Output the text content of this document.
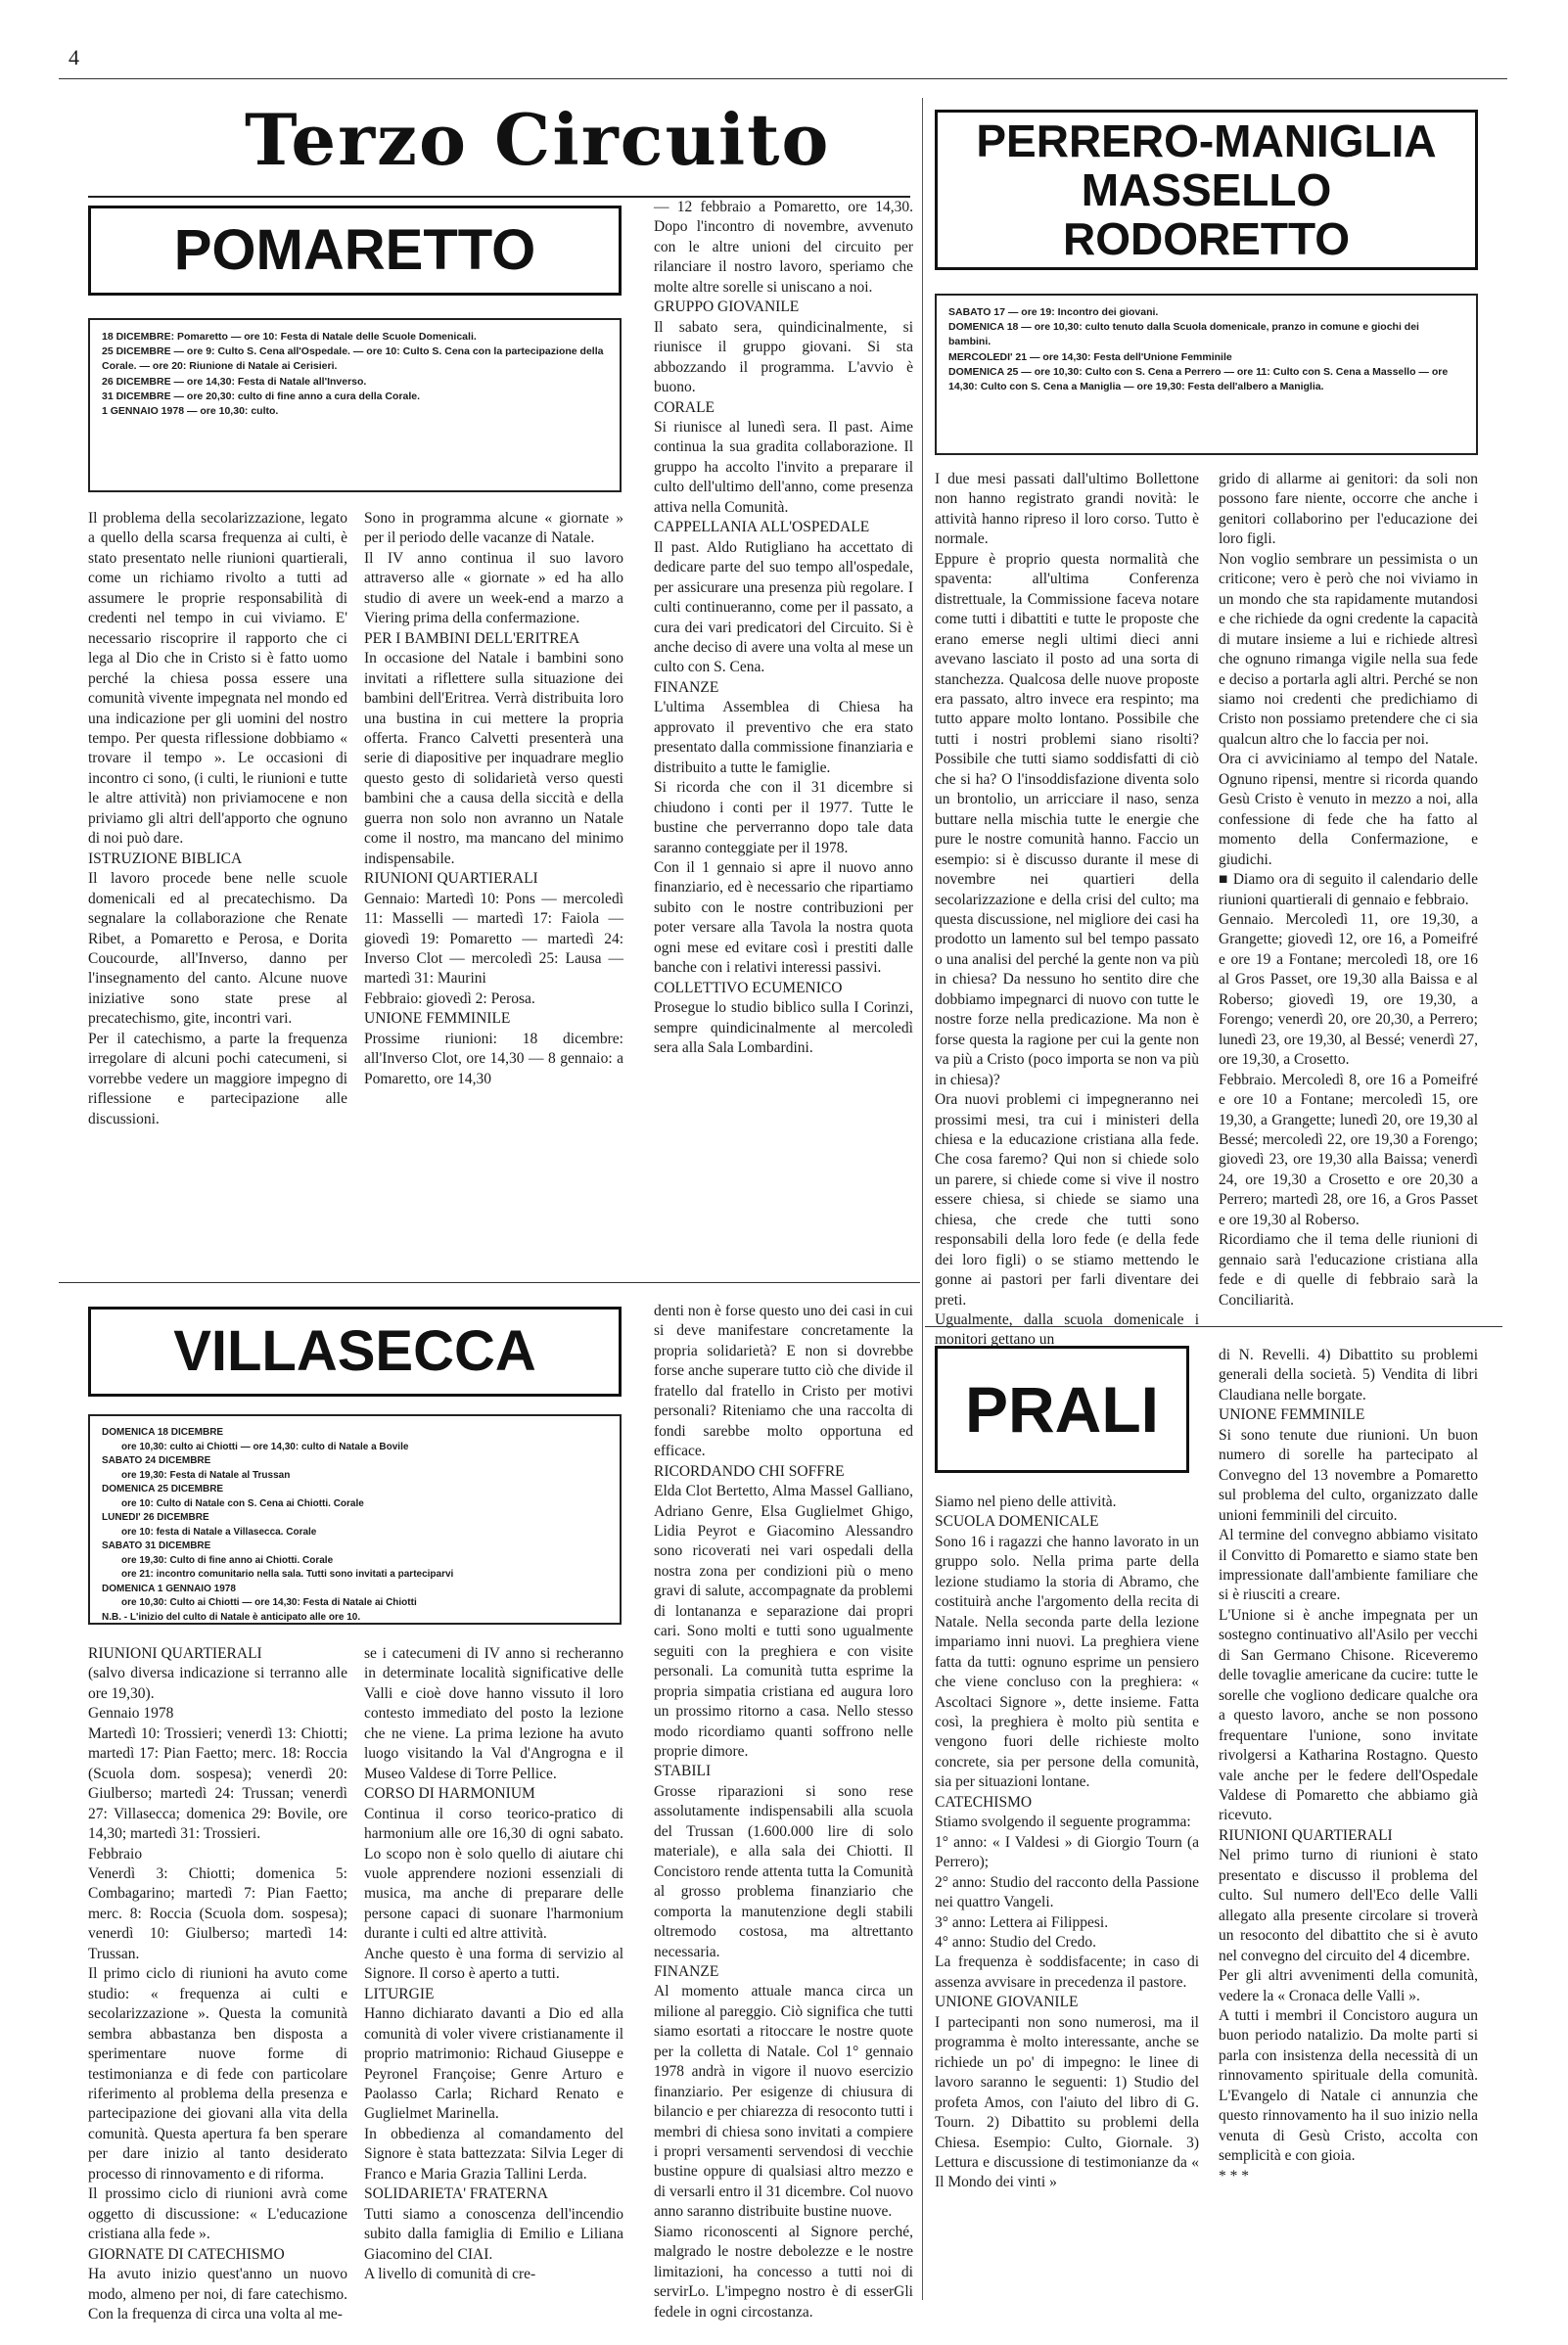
4
Terzo Circuito
POMARETTO
18 DICEMBRE: Pomaretto — ore 10: Festa di Natale delle Scuole Domenicali.
25 DICEMBRE — ore 9: Culto S. Cena all'Ospedale. — ore 10: Culto S. Cena con la partecipazione della Corale. — ore 20: Riunione di Natale ai Cerisieri.
26 DICEMBRE — ore 14,30: Festa di Natale all'Inverso.
31 DICEMBRE — ore 20,30: culto di fine anno a cura della Corale.
1 GENNAIO 1978 — ore 10,30: culto.
Il problema della secolarizzazione, legato a quello della scarsa frequenza ai culti, è stato presentato nelle riunioni quartierali, come un richiamo rivolto a tutti ad assumere le proprie responsabilità di credenti nel tempo in cui viviamo. E' necessario riscoprire il rapporto che ci lega al Dio che in Cristo si è fatto uomo perché la chiesa possa essere una comunità vivente impegnata nel mondo ed una indicazione per gli uomini del nostro tempo. Per questa riflessione dobbiamo « trovare il tempo ». Le occasioni di incontro ci sono, (i culti, le riunioni e tutte le altre attività) non priviamocene e non priviamo gli altri dell'apporto che ognuno di noi può dare.
ISTRUZIONE BIBLICA
Il lavoro procede bene nelle scuole domenicali ed al precatechismo. Da segnalare la collaborazione che Renate Ribet, a Pomaretto e Perosa, e Dorita Coucourde, all'Inverso, danno per l'insegnamento del canto. Alcune nuove iniziative sono state prese al precatechismo, gite, incontri vari.
Per il catechismo, a parte la frequenza irregolare di alcuni pochi catecumeni, si vorrebbe vedere un maggiore impegno di riflessione e partecipazione alle discussioni.
Sono in programma alcune « giornate » per il periodo delle vacanze di Natale.
Il IV anno continua il suo lavoro attraverso alle « giornate » ed ha allo studio di avere un week-end a marzo a Viering prima della confermazione.
PER I BAMBINI DELL'ERITREA
In occasione del Natale i bambini sono invitati a riflettere sulla situazione dei bambini dell'Eritrea. Verrà distribuita loro una bustina in cui mettere la propria offerta. Franco Calvetti presenterà una serie di diapositive per inquadrare meglio questo gesto di solidarietà verso questi bambini che a causa della siccità e della guerra non solo non avranno un Natale come il nostro, ma mancano del minimo indispensabile.
RIUNIONI QUARTIERALI
Gennaio: Martedì 10: Pons — mercoledì 11: Masselli — martedì 17: Faiola — giovedì 19: Pomaretto — martedì 24: Inverso Clot — mercoledì 25: Lausa — martedì 31: Maurini
Febbraio: giovedì 2: Perosa.
UNIONE FEMMINILE
Prossime riunioni: 18 dicembre: all'Inverso Clot, ore 14,30 — 8 gennaio: a Pomaretto, ore 14,30
— 12 febbraio a Pomaretto, ore 14,30. Dopo l'incontro di novembre, avvenuto con le altre unioni del circuito per rilanciare il nostro lavoro, speriamo che molte altre sorelle si uniscano a noi.
GRUPPO GIOVANILE
Il sabato sera, quindicinalmente, si riunisce il gruppo giovani. Si sta abbozzando il programma. L'avvio è buono.
CORALE
Si riunisce al lunedì sera. Il past. Aime continua la sua gradita collaborazione. Il gruppo ha accolto l'invito a preparare il culto dell'ultimo dell'anno, come presenza attiva nella Comunità.
CAPPELLANIA ALL'OSPEDALE
Il past. Aldo Rutigliano ha accettato di dedicare parte del suo tempo all'ospedale, per assicurare una presenza più regolare. I culti continueranno, come per il passato, a cura dei vari predicatori del Circuito. Si è anche deciso di avere una volta al mese un culto con S. Cena.
FINANZE
L'ultima Assemblea di Chiesa ha approvato il preventivo che era stato presentato dalla commissione finanziaria e distribuito a tutte le famiglie.
Si ricorda che con il 31 dicembre si chiudono i conti per il 1977. Tutte le bustine che perverranno dopo tale data saranno conteggiate per il 1978.
Con il 1 gennaio si apre il nuovo anno finanziario, ed è necessario che ripartiamo subito con le nostre contribuzioni per poter versare alla Tavola la nostra quota ogni mese ed evitare così i prestiti dalle banche con i relativi interessi passivi.
COLLETTIVO ECUMENICO
Prosegue lo studio biblico sulla I Corinzi, sempre quindicinalmente al mercoledì sera alla Sala Lombardini.
VILLASECCA
DOMENICA 18 DICEMBRE
ore 10,30: culto ai Chiotti — ore 14,30: culto di Natale a Bovile
SABATO 24 DICEMBRE
ore 19,30: Festa di Natale al Trussan
DOMENICA 25 DICEMBRE
ore 10: Culto di Natale con S. Cena ai Chiotti. Corale
LUNEDI' 26 DICEMBRE
ore 10: festa di Natale a Villasecca. Corale
SABATO 31 DICEMBRE
ore 19,30: Culto di fine anno ai Chiotti. Corale
ore 21: incontro comunitario nella sala. Tutti sono invitati a parteciparvi
DOMENICA 1 GENNAIO 1978
ore 10,30: Culto ai Chiotti — ore 14,30: Festa di Natale ai Chiotti
N.B. - L'inizio del culto di Natale è anticipato alle ore 10.
RIUNIONI QUARTIERALI
(salvo diversa indicazione si terranno alle ore 19,30).
Gennaio 1978
Martedì 10: Trossieri; venerdì 13: Chiotti; martedì 17: Pian Faetto; merc. 18: Roccia (Scuola dom. sospesa); venerdì 20: Giulberso; martedì 24: Trussan; venerdì 27: Villasecca; domenica 29: Bovile, ore 14,30; martedì 31: Trossieri.
Febbraio
Venerdì 3: Chiotti; domenica 5: Combagarino; martedì 7: Pian Faetto; merc. 8: Roccia (Scuola dom. sospesa); venerdì 10: Giulberso; martedì 14: Trussan.
Il primo ciclo di riunioni ha avuto come studio: « frequenza ai culti e secolarizzazione ». Questa la comunità sembra abbastanza ben disposta a sperimentare nuove forme di testimonianza e di fede con particolare riferimento al problema della presenza e partecipazione dei giovani alla vita della comunità. Questa apertura fa ben sperare per dare inizio al tanto desiderato processo di rinnovamento e di riforma.
Il prossimo ciclo di riunioni avrà come oggetto di discussione: « L'educazione cristiana alla fede ».
GIORNATE DI CATECHISMO
Ha avuto inizio quest'anno un nuovo modo, almeno per noi, di fare catechismo. Con la frequenza di circa una volta al me-
se i catecumeni di IV anno si recheranno in determinate località significative delle Valli e cioè dove hanno vissuto il loro contesto immediato del posto la lezione che ne viene. La prima lezione ha avuto luogo visitando la Val d'Angrogna e il Museo Valdese di Torre Pellice.
CORSO DI HARMONIUM
Continua il corso teorico-pratico di harmonium alle ore 16,30 di ogni sabato. Lo scopo non è solo quello di aiutare chi vuole apprendere nozioni essenziali di musica, ma anche di preparare delle persone capaci di suonare l'harmonium durante i culti ed altre attività.
Anche questo è una forma di servizio al Signore. Il corso è aperto a tutti.
LITURGIE
Hanno dichiarato davanti a Dio ed alla comunità di voler vivere cristianamente il proprio matrimonio: Richaud Giuseppe e Peyronel Françoise; Genre Arturo e Paolasso Carla; Richard Renato e Guglielmet Marinella.
In obbedienza al comandamento del Signore è stata battezzata: Silvia Leger di Franco e Maria Grazia Tallini Lerda.
SOLIDARIETA' FRATERNA
Tutti siamo a conoscenza dell'incendio subito dalla famiglia di Emilio e Liliana Giacomino del CIAI.
A livello di comunità di cre-
denti non è forse questo uno dei casi in cui si deve manifestare concretamente la propria solidarietà? E non si dovrebbe forse anche superare tutto ciò che divide il fratello dal fratello in Cristo per motivi personali? Riteniamo che una raccolta di fondi sarebbe molto opportuna ed efficace.
RICORDANDO CHI SOFFRE
Elda Clot Bertetto, Alma Massel Galliano, Adriano Genre, Elsa Guglielmet Ghigo, Lidia Peyrot e Giacomino Alessandro sono ricoverati nei vari ospedali della nostra zona per condizioni più o meno gravi di salute, accompagnate da problemi di lontananza e separazione dai propri cari. Sono molti e tutti sono ugualmente seguiti con la preghiera e con visite personali. La comunità tutta esprime la propria simpatia cristiana ed augura loro un prossimo ritorno a casa. Nello stesso modo ricordiamo quanti soffrono nelle proprie dimore.
STABILI
Grosse riparazioni si sono rese assolutamente indispensabili alla scuola del Trussan (1.600.000 lire di solo materiale), e alla sala dei Chiotti. Il Concistoro rende attenta tutta la Comunità al grosso problema finanziario che comporta la manutenzione degli stabili oltremodo costosa, ma altrettanto necessaria.
FINANZE
Al momento attuale manca circa un milione al pareggio. Ciò significa che tutti siamo esortati a ritoccare le nostre quote per la colletta di Natale. Col 1° gennaio 1978 andrà in vigore il nuovo esercizio finanziario. Per esigenze di chiusura di bilancio e per chiarezza di resoconto tutti i membri di chiesa sono invitati a compiere i propri versamenti servendosi di vecchie bustine oppure di qualsiasi altro mezzo e di versarli entro il 31 dicembre. Col nuovo anno saranno distribuite bustine nuove.
Siamo riconoscenti al Signore perché, malgrado le nostre debolezze e le nostre limitazioni, ha concesso a tutti noi di servirLo. L'impegno nostro è di esserGli fedele in ogni circostanza.
PERRERO-MANIGLIA
MASSELLO
RODORETTO
SABATO 17 — ore 19: Incontro dei giovani.
DOMENICA 18 — ore 10,30: culto tenuto dalla Scuola domenicale, pranzo in comune e giochi dei bambini.
MERCOLEDI' 21 — ore 14,30: Festa dell'Unione Femminile
DOMENICA 25 — ore 10,30: Culto con S. Cena a Perrero — ore 11: Culto con S. Cena a Massello — ore 14,30: Culto con S. Cena a Maniglia — ore 19,30: Festa dell'albero a Maniglia.
I due mesi passati dall'ultimo Bollettone non hanno registrato grandi novità: le attività hanno ripreso il loro corso. Tutto è normale.
Eppure è proprio questa normalità che spaventa: all'ultima Conferenza distrettuale, la Commissione faceva notare come tutti i dibattiti e tutte le proposte che erano emerse negli ultimi dieci anni avevano lasciato il posto ad una sorta di stanchezza. Qualcosa delle nuove proposte era passato, altro invece era respinto; ma tutto appare molto lontano. Possibile che tutti i nostri problemi siano risolti? Possibile che tutti siamo soddisfatti di ciò che si ha? O l'insoddisfazione diventa solo un brontolio, un arricciare il naso, senza buttare nella mischia tutte le energie che pure le nostre comunità hanno. Faccio un esempio: si è discusso durante il mese di novembre nei quartieri della secolarizzazione e della crisi del culto; ma questa discussione, nel migliore dei casi ha prodotto un lamento sul bel tempo passato o una analisi del perché la gente non va più in chiesa? Da nessuno ho sentito dire che dobbiamo impegnarci di nuovo con tutte le nostre forze nella predicazione. Ma non è forse questa la ragione per cui la gente non va più a Cristo (poco importa se non va più in chiesa)?
Ora nuovi problemi ci impegneranno nei prossimi mesi, tra cui i ministeri della chiesa e la educazione cristiana alla fede. Che cosa faremo? Qui non si chiede solo un parere, si chiede come si vive il nostro essere chiesa, si chiede se siamo una chiesa, che crede che tutti sono responsabili della loro fede (e della fede dei loro figli) o se stiamo mettendo le gonne ai pastori per farli diventare dei preti.
Ugualmente, dalla scuola domenicale i monitori gettano un
grido di allarme ai genitori: da soli non possono fare niente, occorre che anche i genitori collaborino per l'educazione dei loro figli.
Non voglio sembrare un pessimista o un criticone; vero è però che noi viviamo in un mondo che sta rapidamente mutandosi e che richiede da ogni credente la capacità di mutare insieme a lui e richiede altresì che ognuno rimanga vigile nella sua fede e deciso a portarla agli altri. Perché se non siamo noi credenti che predichiamo di Cristo non possiamo pretendere che ci sia qualcun altro che lo faccia per noi.
Ora ci avviciniamo al tempo del Natale. Ognuno ripensi, mentre si ricorda quando Gesù Cristo è venuto in mezzo a noi, alla confessione di fede che ha fatto al momento della Confermazione, e giudichi.
■ Diamo ora di seguito il calendario delle riunioni quartierali di gennaio e febbraio.
Gennaio. Mercoledì 11, ore 19,30, a Grangette; giovedì 12, ore 16, a Pomeifré e ore 19 a Fontane; mercoledì 18, ore 16 al Gros Passet, ore 19,30 alla Baissa e al Roberso; giovedì 19, ore 19,30, a Forengo; venerdì 20, ore 20,30, a Perrero; lunedì 23, ore 19,30, al Bessé; venerdì 27, ore 19,30, a Crosetto.
Febbraio. Mercoledì 8, ore 16 a Pomeifré e ore 10 a Fontane; mercoledì 15, ore 19,30, a Grangette; lunedì 20, ore 19,30 al Bessé; mercoledì 22, ore 19,30 a Forengo; giovedì 23, ore 19,30 alla Baissa; venerdì 24, ore 19,30 a Crosetto e ore 20,30 a Perrero; martedì 28, ore 16, a Gros Passet e ore 19,30 al Roberso.
Ricordiamo che il tema delle riunioni di gennaio sarà l'educazione cristiana alla fede e di quelle di febbraio sarà la Conciliarità.
PRALI
Siamo nel pieno delle attività.
SCUOLA DOMENICALE
Sono 16 i ragazzi che hanno lavorato in un gruppo solo. Nella prima parte della lezione studiamo la storia di Abramo, che costituirà anche l'argomento della recita di Natale. Nella seconda parte della lezione impariamo inni nuovi. La preghiera viene fatta da tutti: ognuno esprime un pensiero che viene concluso con la preghiera: « Ascoltaci Signore », dette insieme. Fatta così, la preghiera è molto più sentita e vengono fuori delle richieste molto concrete, sia per persone della comunità, sia per situazioni lontane.
CATECHISMO
Stiamo svolgendo il seguente programma:
1° anno: « I Valdesi » di Giorgio Tourn (a Perrero);
2° anno: Studio del racconto della Passione nei quattro Vangeli.
3° anno: Lettera ai Filippesi.
4° anno: Studio del Credo.
La frequenza è soddisfacente; in caso di assenza avvisare in precedenza il pastore.
UNIONE GIOVANILE
I partecipanti non sono numerosi, ma il programma è molto interessante, anche se richiede un po' di impegno: le linee di lavoro saranno le seguenti: 1) Studio del profeta Amos, con l'aiuto del libro di G. Tourn. 2) Dibattito su problemi della Chiesa. Esempio: Culto, Giornale. 3) Lettura e discussione di testimonianze da « Il Mondo dei vinti »
di N. Revelli. 4) Dibattito su problemi generali della società. 5) Vendita di libri Claudiana nelle borgate.
UNIONE FEMMINILE
Si sono tenute due riunioni. Un buon numero di sorelle ha partecipato al Convegno del 13 novembre a Pomaretto sul problema del culto, organizzato dalle unioni femminili del circuito.
Al termine del convegno abbiamo visitato il Convitto di Pomaretto e siamo state ben impressionate dall'ambiente familiare che si è riusciti a creare.
L'Unione si è anche impegnata per un sostegno continuativo all'Asilo per vecchi di San Germano Chisone. Riceveremo delle tovaglie americane da cucire: tutte le sorelle che vogliono dedicare qualche ora a questo lavoro, anche se non possono frequentare l'unione, sono invitate rivolgersi a Katharina Rostagno. Questo vale anche per le federe dell'Ospedale Valdese di Pomaretto che abbiamo già ricevuto.
RIUNIONI QUARTIERALI
Nel primo turno di riunioni è stato presentato e discusso il problema del culto. Sul numero dell'Eco delle Valli allegato alla presente circolare si troverà un resoconto del dibattito che si è avuto nel convegno del circuito del 4 dicembre.
Per gli altri avvenimenti della comunità, vedere la « Cronaca delle Valli ».
A tutti i membri il Concistoro augura un buon periodo natalizio. Da molte parti si parla con insistenza della necessità di un rinnovamento spirituale della comunità. L'Evangelo di Natale ci annunzia che questo rinnovamento ha il suo inizio nella venuta di Gesù Cristo, accolta con semplicità e con gioia.
* * *
